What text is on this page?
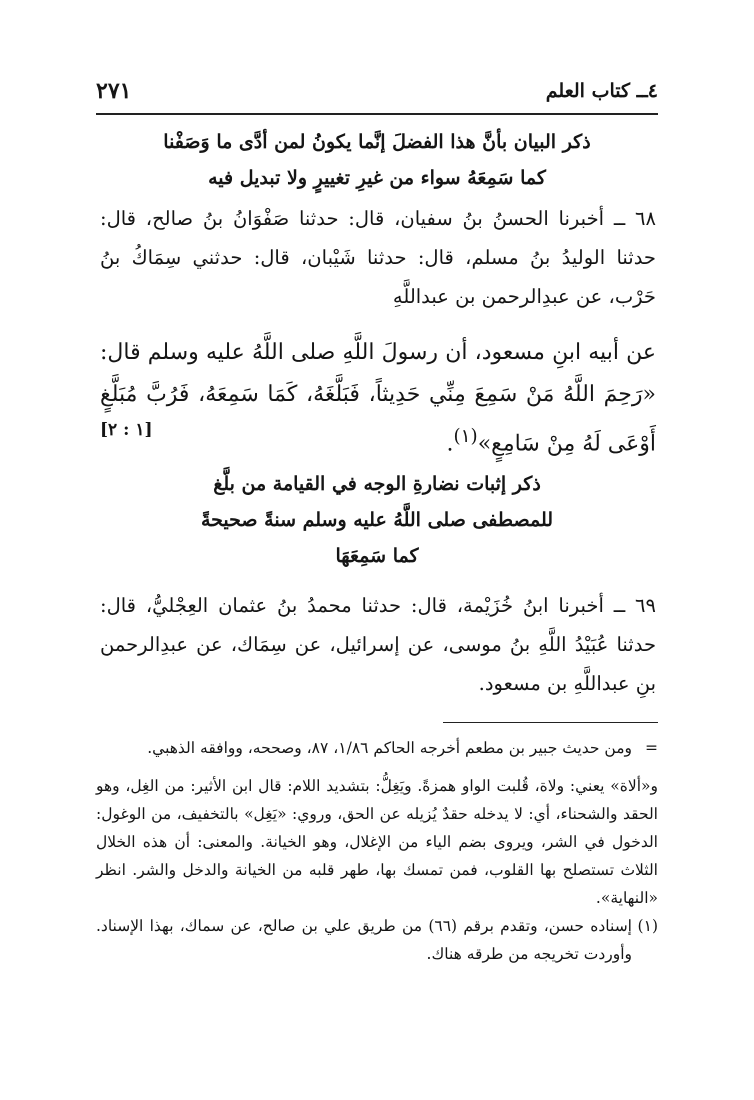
٤ــ كتاب العلم
٢٧١
ذكر البيان بأنَّ هذا الفضلَ إنَّما يكونُ لمن أدَّى ما وَصَفْنا
كما سَمِعَهُ سواء من غيرِ تغييرٍ ولا تبديل فيه

٦٨ ــ أخبرنا الحسنُ بنُ سفيان، قال: حدثنا صَفْوَانُ بنُ صالح، قال: حدثنا الوليدُ بنُ مسلم، قال: حدثنا شَيْبان، قال: حدثني سِمَاكُ بنُ حَرْب، عن عبدِالرحمن بن عبداللَّهِ

عن أبيه ابنِ مسعود، أن رسولَ اللَّهِ صلى اللَّهُ عليه وسلم قال: «رَحِمَ اللَّهُ مَنْ سَمِعَ مِنِّي حَدِيثاً، فَبَلَّغَهُ، كَمَا سَمِعَهُ، فَرُبَّ مُبَلَّغٍ أَوْعَى لَهُ مِنْ سَامِعٍ»$^{(١)}$.

[١ : ٢]
ذكر إثبات نضارةِ الوجه في القيامة من بلَّغ
للمصطفى صلى اللَّهُ عليه وسلم سنةً صحيحةً
كما سَمِعَهَا

٦٩ ــ أخبرنا ابنُ خُزَيْمة، قال: حدثنا محمدُ بنُ عثمان العِجْليُّ، قال: حدثنا عُبَيْدُ اللَّهِ بنُ موسى، عن إسرائيل، عن سِمَاك، عن عبدِالرحمن بنِ عبداللَّهِ بن مسعود.

=
ومن حديث جبير بن مطعم أخرجه الحاكم ١/٨٦، ٨٧، وصححه، ووافقه الذهبي.
و«ألاة» يعني: ولاة، قُلبت الواو همزةً. ويَغِلُّ: بتشديد اللام: قال ابن الأثير: من الغِل، وهو الحقد والشحناء، أي: لا يدخله حقدٌ يُزيله عن الحق، وروي: «يَغِل» بالتخفيف، من الوغول: الدخول في الشر، ويروى بضم الياء من الإغلال، وهو الخيانة. والمعنى: أن هذه الخلال الثلاث تستصلح بها القلوب، فمن تمسك بها، طهر قلبه من الخيانة والدخل والشر. انظر «النهاية».
(١)
إسناده حسن، وتقدم برقم (٦٦) من طريق علي بن صالح، عن سماك، بهذا الإسناد. وأوردت تخريجه من طرقه هناك.
